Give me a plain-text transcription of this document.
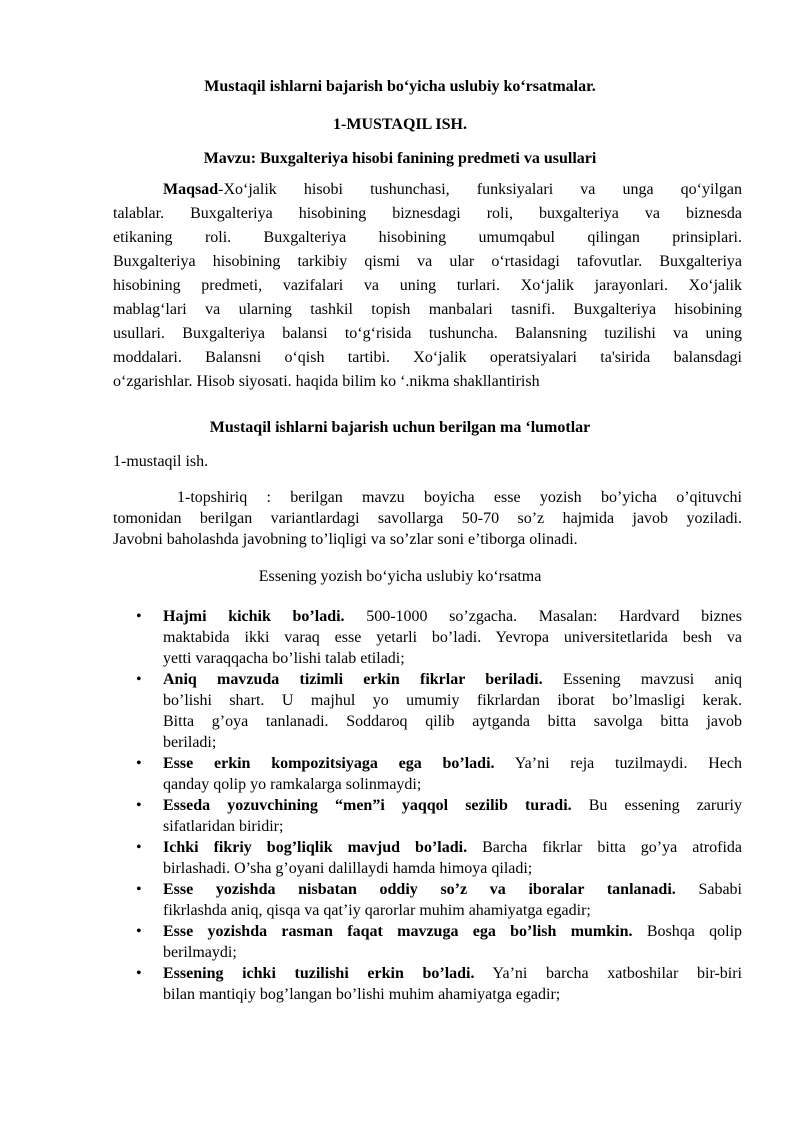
Mustaqil ishlarni bajarish bo‘yicha uslubiy ko‘rsatmalar.
1-MUSTAQIL ISH.
Mavzu: Buxgalteriya hisobi fanining predmeti va usullari
Maqsad-Xo‘jalik hisobi tushunchasi, funksiyalari va unga qo‘yilgan
talablar. Buxgalteriya hisobining biznesdagi roli, buxgalteriya va biznesda
etikaning roli. Buxgalteriya hisobining umumqabul qilingan prinsiplari.
Buxgalteriya hisobining tarkibiy qismi va ular o‘rtasidagi tafovutlar. Buxgalteriya
hisobining predmeti, vazifalari va uning turlari. Xo‘jalik jarayonlari. Xo‘jalik
mablag‘lari va ularning tashkil topish manbalari tasnifi. Buxgalteriya hisobining
usullari. Buxgalteriya balansi to‘g‘risida tushuncha. Balansning tuzilishi va uning
moddalari. Balansni o‘qish tartibi. Xo‘jalik operatsiyalari ta'sirida balansdagi
o‘zgarishlar. Hisob siyosati. haqida bilim ko ‘.nikma shakllantirish
Mustaqil ishlarni bajarish uchun berilgan ma ‘lumotlar
1-mustaqil ish.
1-topshiriq : berilgan mavzu boyicha esse yozish bo’yicha o’qituvchi
tomonidan berilgan variantlardagi savollarga 50-70 so’z hajmida javob yoziladi.
Javobni baholashda javobning to’liqligi va so’zlar soni e’tiborga olinadi.
Essening yozish bo‘yicha uslubiy ko‘rsatma
• Hajmi kichik bo’ladi. 500-1000 so’zgacha. Masalan: Hardvard biznes
maktabida ikki varaq esse yetarli bo’ladi. Yevropa universitetlarida besh va
yetti varaqqacha bo’lishi talab etiladi;
• Aniq mavzuda tizimli erkin fikrlar beriladi. Essening mavzusi aniq
bo’lishi shart. U majhul yo umumiy fikrlardan iborat bo’lmasligi kerak.
Bitta g’oya tanlanadi. Soddaroq qilib aytganda bitta savolga bitta javob
beriladi;
• Esse erkin kompozitsiyaga ega bo’ladi. Ya’ni reja tuzilmaydi. Hech
qanday qolip yo ramkalarga solinmaydi;
• Esseda yozuvchining “men”i yaqqol sezilib turadi. Bu essening zaruriy
sifatlaridan biridir;
• Ichki fikriy bog’liqlik mavjud bo’ladi. Barcha fikrlar bitta go’ya atrofida
birlashadi. O’sha g’oyani dalillaydi hamda himoya qiladi;
• Esse yozishda nisbatan oddiy so’z va iboralar tanlanadi. Sababi
fikrlashda aniq, qisqa va qat’iy qarorlar muhim ahamiyatga egadir;
• Esse yozishda rasman faqat mavzuga ega bo’lish mumkin. Boshqa qolip
berilmaydi;
• Essening ichki tuzilishi erkin bo’ladi. Ya’ni barcha xatboshilar bir-biri
bilan mantiqiy bog’langan bo’lishi muhim ahamiyatga egadir;
